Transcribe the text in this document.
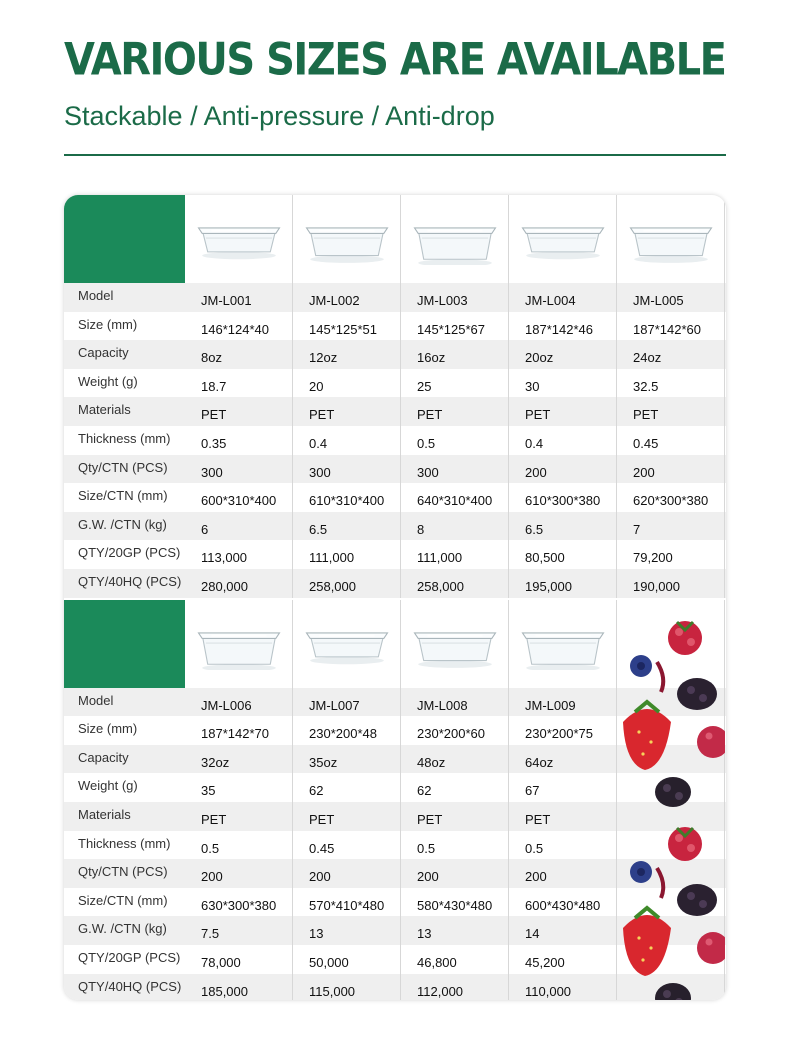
VARIOUS SIZES ARE AVAILABLE
Stackable / Anti-pressure / Anti-drop
Model	JM-L001	JM-L002	JM-L003	JM-L004	JM-L005
Size (mm)	146*124*40	145*125*51	145*125*67	187*142*46	187*142*60
Capacity	8oz	12oz	16oz	20oz	24oz
Weight (g)	18.7	20	25	30	32.5
Materials	PET	PET	PET	PET	PET
Thickness (mm) 0.35	0.4	0.5	0.4	0.45
Qty/CTN (PCS)	300	300	300	200	200
Size/CTN (mm)	600*310*400	610*310*400	640*310*400	610*300*380	620*300*380
G.W. /CTN (kg)	6	6.5	8	6.5	7
QTY/20GP (PCS) 113,000	111,000	111,000	80,500	79,200
QTY/40HQ (PCS) 280,000	258,000	258,000	195,000	190,000
Model	JM-L006	JM-L007	JM-L008	JM-L009
Size (mm)	187*142*70	230*200*48	230*200*60	230*200*75
Capacity	32oz	35oz	48oz	64oz
Weight (g)	35	62	62	67
Materials	PET	PET	PET	PET
Thickness (mm) 0.5	0.45	0.5	0.5
Qty/CTN (PCS)	200	200	200	200
Size/CTN (mm)	630*300*380	570*410*480	580*430*480	600*430*480
G.W. /CTN (kg)	7.5	13	13	14
QTY/20GP (PCS) 78,000	50,000	46,800	45,200
QTY/40HQ (PCS) 185,000	115,000	112,000	110,000
